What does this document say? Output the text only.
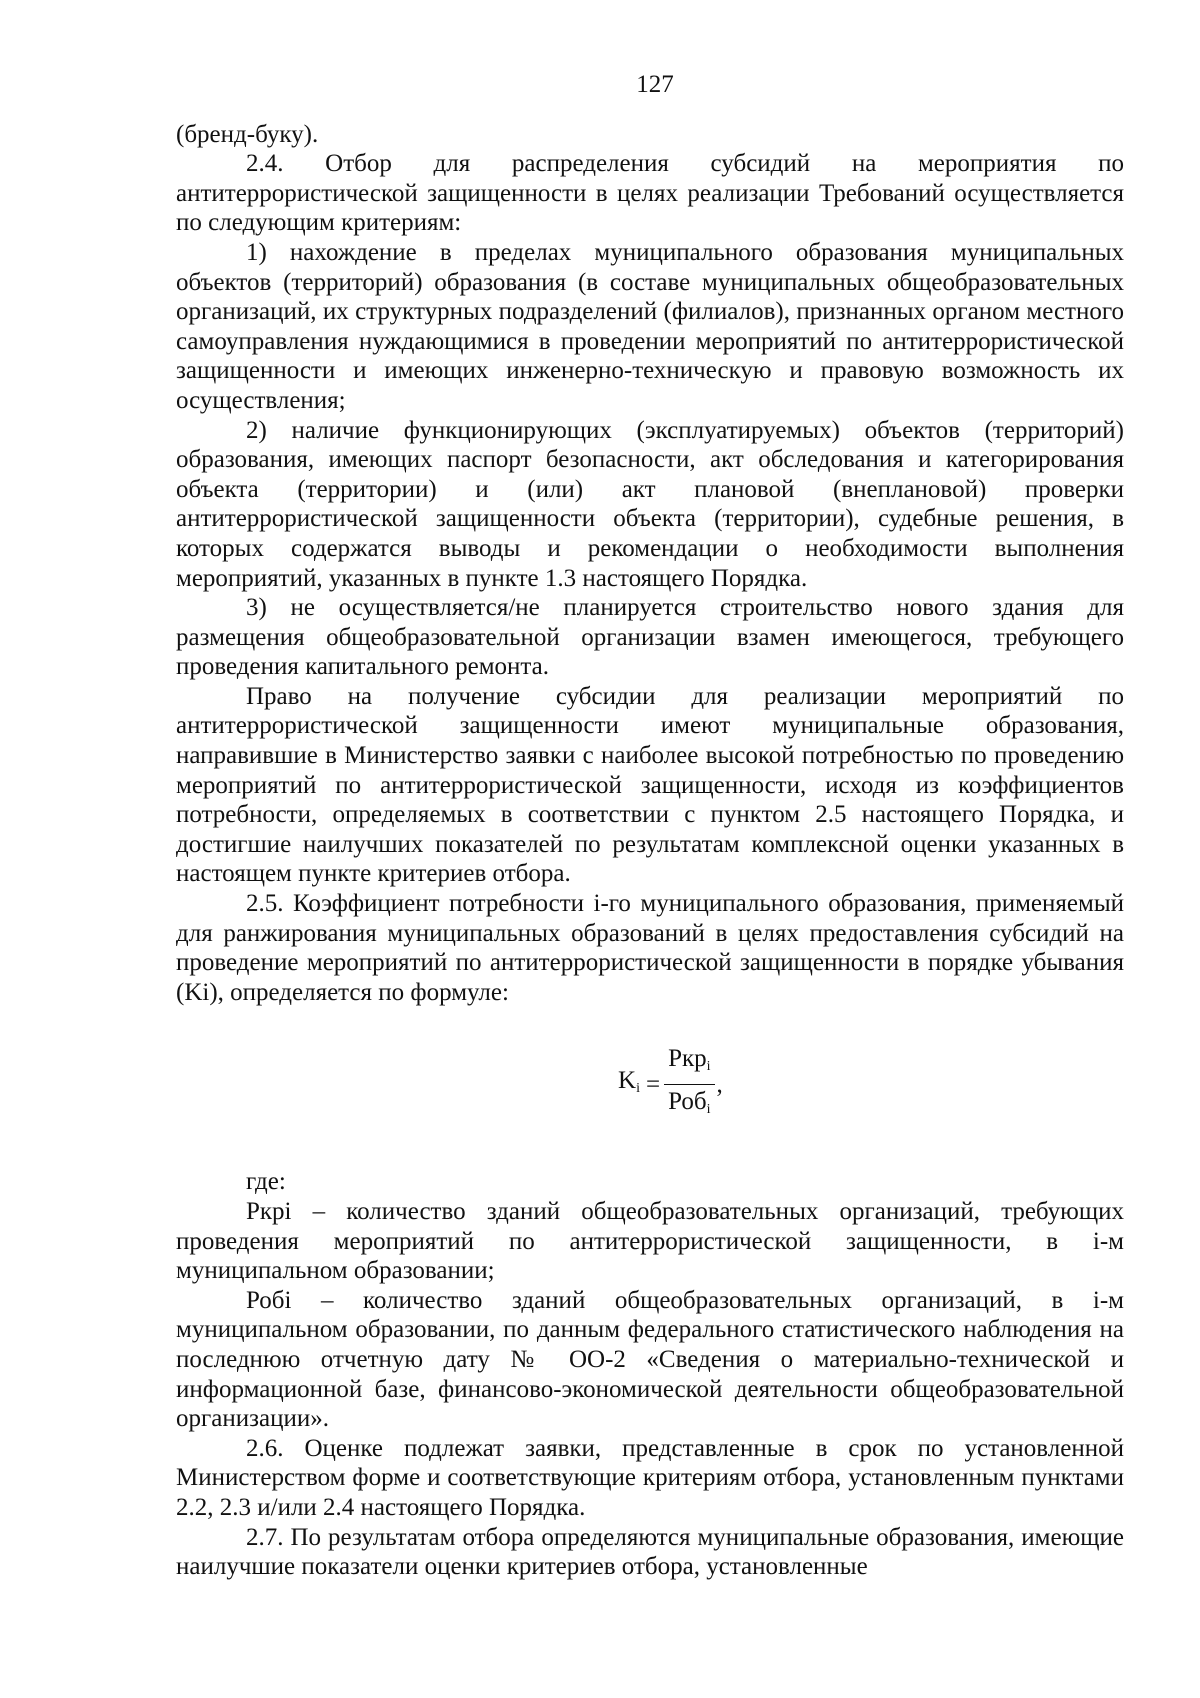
127

(бренд-буку).

2.4. Отбор для распределения субсидий на мероприятия по антитеррористической защищенности в целях реализации Требований осуществляется по следующим критериям:

1) нахождение в пределах муниципального образования муниципальных объектов (территорий) образования (в составе муниципальных общеобразовательных организаций, их структурных подразделений (филиалов), признанных органом местного самоуправления нуждающимися в проведении мероприятий по антитеррористической защищенности и имеющих инженерно-техническую и правовую возможность их осуществления;

2) наличие функционирующих (эксплуатируемых) объектов (территорий) образования, имеющих паспорт безопасности, акт обследования и категорирования объекта (территории) и (или) акт плановой (внеплановой) проверки антитеррористической защищенности объекта (территории), судебные решения, в которых содержатся выводы и рекомендации о необходимости выполнения мероприятий, указанных в пункте 1.3 настоящего Порядка.

3) не осуществляется/не планируется строительство нового здания для размещения общеобразовательной организации взамен имеющегося, требующего проведения капитального ремонта.

Право на получение субсидии для реализации мероприятий по антитеррористической защищенности имеют муниципальные образования, направившие в Министерство заявки с наиболее высокой потребностью по проведению мероприятий по антитеррористической защищенности, исходя из коэффициентов потребности, определяемых в соответствии с пунктом 2.5 настоящего Порядка, и достигшие наилучших показателей по результатам комплексной оценки указанных в настоящем пункте критериев отбора.

2.5. Коэффициент потребности i-го муниципального образования, применяемый для ранжирования муниципальных образований в целях предоставления субсидий на проведение мероприятий по антитеррористической защищенности в порядке убывания (Ki), определяется по формуле:

$K_i = \frac{Ркр_i}{Роб_i}$ ,

где:

Ркрi – количество зданий общеобразовательных организаций, требующих проведения мероприятий по антитеррористической защищенности, в i-м муниципальном образовании;

Робi – количество зданий общеобразовательных организаций, в i-м муниципальном образовании, по данным федерального статистического наблюдения на последнюю отчетную дату № ОО-2 «Сведения о материально-технической и информационной базе, финансово-экономической деятельности общеобразовательной организации».

2.6. Оценке подлежат заявки, представленные в срок по установленной Министерством форме и соответствующие критериям отбора, установленным пунктами 2.2, 2.3 и/или 2.4 настоящего Порядка.

2.7. По результатам отбора определяются муниципальные образования, имеющие наилучшие показатели оценки критериев отбора, установленные
